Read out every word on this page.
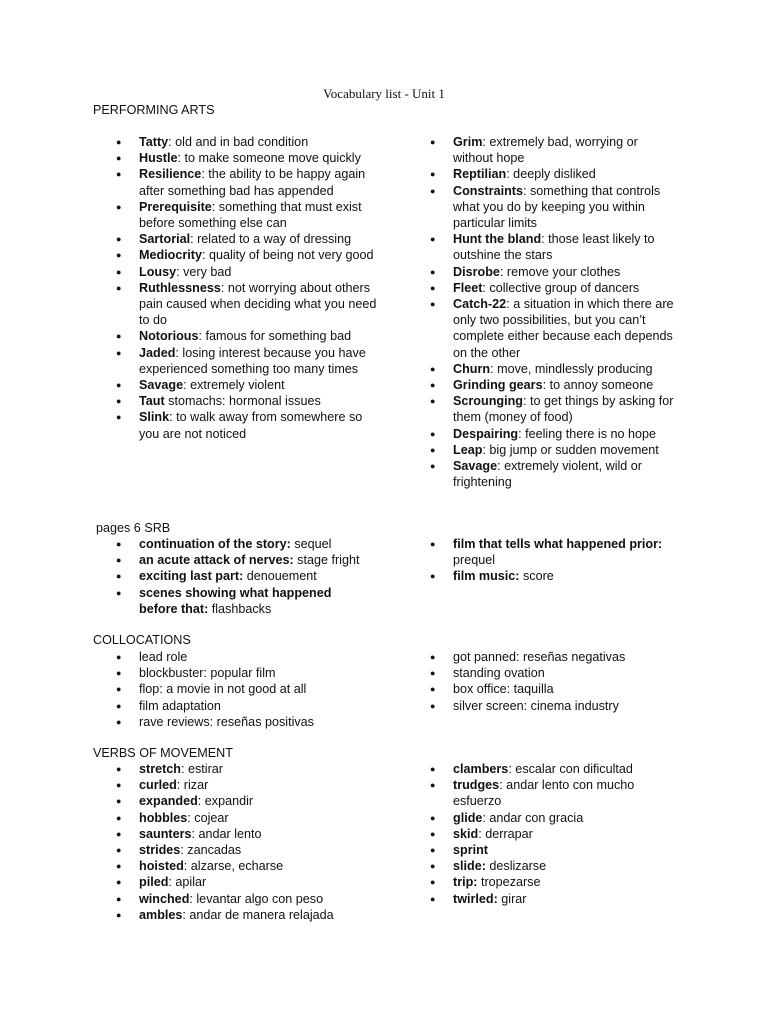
Vocabulary list - Unit 1
PERFORMING ARTS
● Tatty: old and in bad condition
● Hustle: to make someone move quickly
● Resilience: the ability to be happy again after something bad has appended
● Prerequisite: something that must exist before something else can
● Sartorial: related to a way of dressing
● Mediocrity: quality of being not very good
● Lousy: very bad
● Ruthlessness: not worrying about others pain caused when deciding what you need to do
● Notorious: famous for something bad
● Jaded: losing interest because you have experienced something too many times
● Savage: extremely violent
● Taut stomachs: hormonal issues
● Slink: to walk away from somewhere so you are not noticed
● Grim: extremely bad, worrying or without hope
● Reptilian: deeply disliked
● Constraints: something that controls what you do by keeping you within particular limits
● Hunt the bland: those least likely to outshine the stars
● Disrobe: remove your clothes
● Fleet: collective group of dancers
● Catch-22: a situation in which there are only two possibilities, but you can’t complete either because each depends on the other
● Churn: move, mindlessly producing
● Grinding gears: to annoy someone
● Scrounging: to get things by asking for them (money of food)
● Despairing: feeling there is no hope
● Leap: big jump or sudden movement
● Savage: extremely violent, wild or frightening
pages 6 SRB
● continuation of the story: sequel
● an acute attack of nerves: stage fright
● exciting last part: denouement
● scenes showing what happened before that: flashbacks
● film that tells what happened prior: prequel
● film music: score
COLLOCATIONS
● lead role
● blockbuster: popular film
● flop: a movie in not good at all
● film adaptation
● rave reviews: reseñas positivas
● got panned: reseñas negativas
● standing ovation
● box office: taquilla
● silver screen: cinema industry
VERBS OF MOVEMENT
● stretch: estirar
● curled: rizar
● expanded: expandir
● hobbles: cojear
● saunters: andar lento
● strides: zancadas
● hoisted: alzarse, echarse
● piled: apilar
● winched: levantar algo con peso
● ambles: andar de manera relajada
● clambers: escalar con dificultad
● trudges: andar lento con mucho esfuerzo
● glide: andar con gracia
● skid: derrapar
● sprint
● slide: deslizarse
● trip: tropezarse
● twirled: girar
